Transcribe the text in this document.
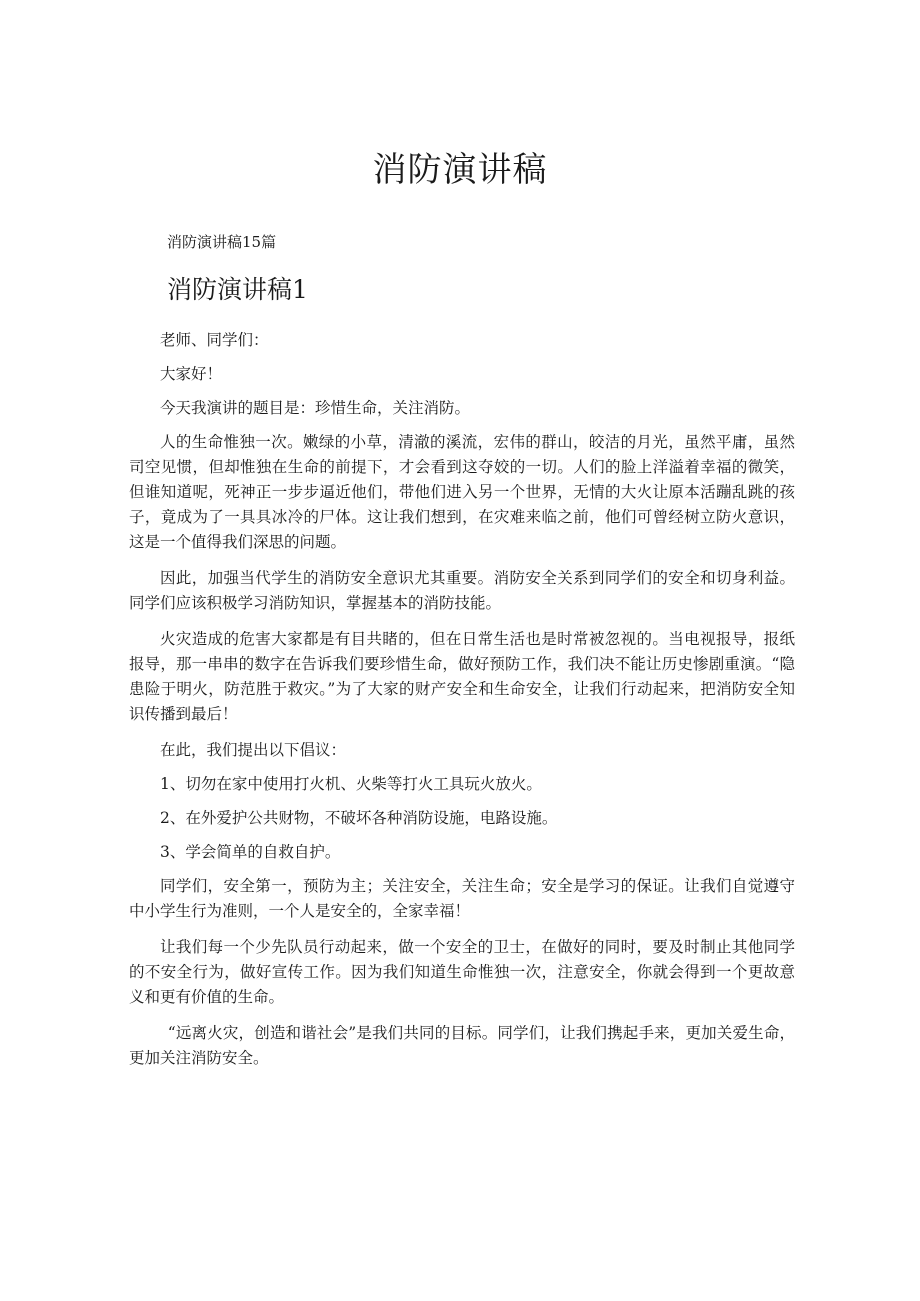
消防演讲稿

消防演讲稿15篇

消防演讲稿1

老师、同学们：

大家好！

今天我演讲的题目是：珍惜生命，关注消防。

人的生命惟独一次。嫩绿的小草，清澈的溪流，宏伟的群山，皎洁的月光，虽然平庸，虽然司空见惯，但却惟独在生命的前提下，才会看到这夺姣的一切。人们的脸上洋溢着幸福的微笑，但谁知道呢，死神正一步步逼近他们，带他们进入另一个世界，无情的大火让原本活蹦乱跳的孩子，竟成为了一具具冰冷的尸体。这让我们想到，在灾难来临之前，他们可曾经树立防火意识，这是一个值得我们深思的问题。

因此，加强当代学生的消防安全意识尤其重要。消防安全关系到同学们的安全和切身利益。同学们应该积极学习消防知识，掌握基本的消防技能。

火灾造成的危害大家都是有目共睹的，但在日常生活也是时常被忽视的。当电视报导，报纸报导，那一串串的数字在告诉我们要珍惜生命，做好预防工作，我们决不能让历史惨剧重演。“隐患险于明火，防范胜于救灾。”为了大家的财产安全和生命安全，让我们行动起来，把消防安全知识传播到最后！

在此，我们提出以下倡议：

1、切勿在家中使用打火机、火柴等打火工具玩火放火。

2、在外爱护公共财物，不破坏各种消防设施，电路设施。

3、学会简单的自救自护。

同学们，安全第一，预防为主；关注安全，关注生命；安全是学习的保证。让我们自觉遵守中小学生行为准则，一个人是安全的，全家幸福！

让我们每一个少先队员行动起来，做一个安全的卫士，在做好的同时，要及时制止其他同学的不安全行为，做好宣传工作。因为我们知道生命惟独一次，注意安全，你就会得到一个更故意义和更有价值的生命。

“远离火灾，创造和谐社会”是我们共同的目标。同学们，让我们携起手来，更加关爱生命，更加关注消防安全。
